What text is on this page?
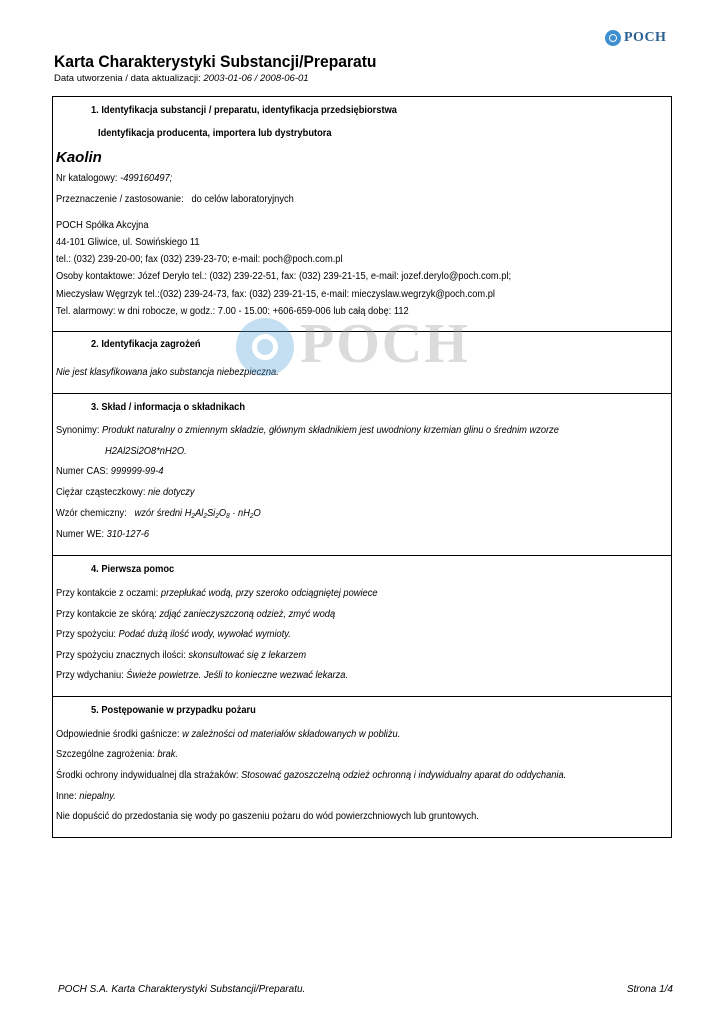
POCH
Karta Charakterystyki Substancji/Preparatu
Data utworzenia / data aktualizacji: 2003-01-06 / 2008-06-01
1. Identyfikacja substancji / preparatu, identyfikacja przedsiębiorstwa
Identyfikacja producenta, importera lub dystrybutora
Kaolin
Nr katalogowy: -499160497;
Przeznaczenie / zastosowanie: do celów laboratoryjnych
POCH Spółka Akcyjna
44-101 Gliwice, ul. Sowińskiego 11
tel.: (032) 239-20-00; fax (032) 239-23-70; e-mail: poch@poch.com.pl
Osoby kontaktowe: Józef Deryło tel.: (032) 239-22-51, fax: (032) 239-21-15, e-mail: jozef.derylo@poch.com.pl;
Mieczysław Węgrzyk tel.:(032) 239-24-73, fax: (032) 239-21-15, e-mail: mieczyslaw.wegrzyk@poch.com.pl
Tel. alarmowy: w dni robocze, w godz.: 7.00 - 15.00: +606-659-006 lub całą dobę: 112
2. Identyfikacja zagrożeń
Nie jest klasyfikowana jako substancja niebezpieczna.
3. Skład / informacja o składnikach
Synonimy: Produkt naturalny o zmiennym składzie, głównym składnikiem jest uwodniony krzemian glinu o średnim wzorze
H2Al2Si2O8*nH2O.
Numer CAS: 999999-99-4
Ciężar cząsteczkowy: nie dotyczy
Wzór chemiczny: wzór średni $H_2Al_2Si_2O_8 \cdot nH_2O$
Numer WE: 310-127-6
4. Pierwsza pomoc
Przy kontakcie z oczami: przepłukać wodą, przy szeroko odciągniętej powiece
Przy kontakcie ze skórą: zdjąć zanieczyszczoną odzież, zmyć wodą
Przy spożyciu: Podać dużą ilość wody, wywołać wymioty.
Przy spożyciu znacznych ilości: skonsultować się z lekarzem
Przy wdychaniu: Świeże powietrze. Jeśli to konieczne wezwać lekarza.
5. Postępowanie w przypadku pożaru
Odpowiednie środki gaśnicze: w zależności od materiałów składowanych w pobliżu.
Szczególne zagrożenia: brak.
Środki ochrony indywidualnej dla strażaków: Stosować gazoszczelną odzież ochronną i indywidualny aparat do oddychania.
Inne: niepalny.
Nie dopuścić do przedostania się wody po gaszeniu pożaru do wód powierzchniowych lub gruntowych.
POCH
POCH S.A. Karta Charakterystyki Substancji/Preparatu.	Strona 1/4
